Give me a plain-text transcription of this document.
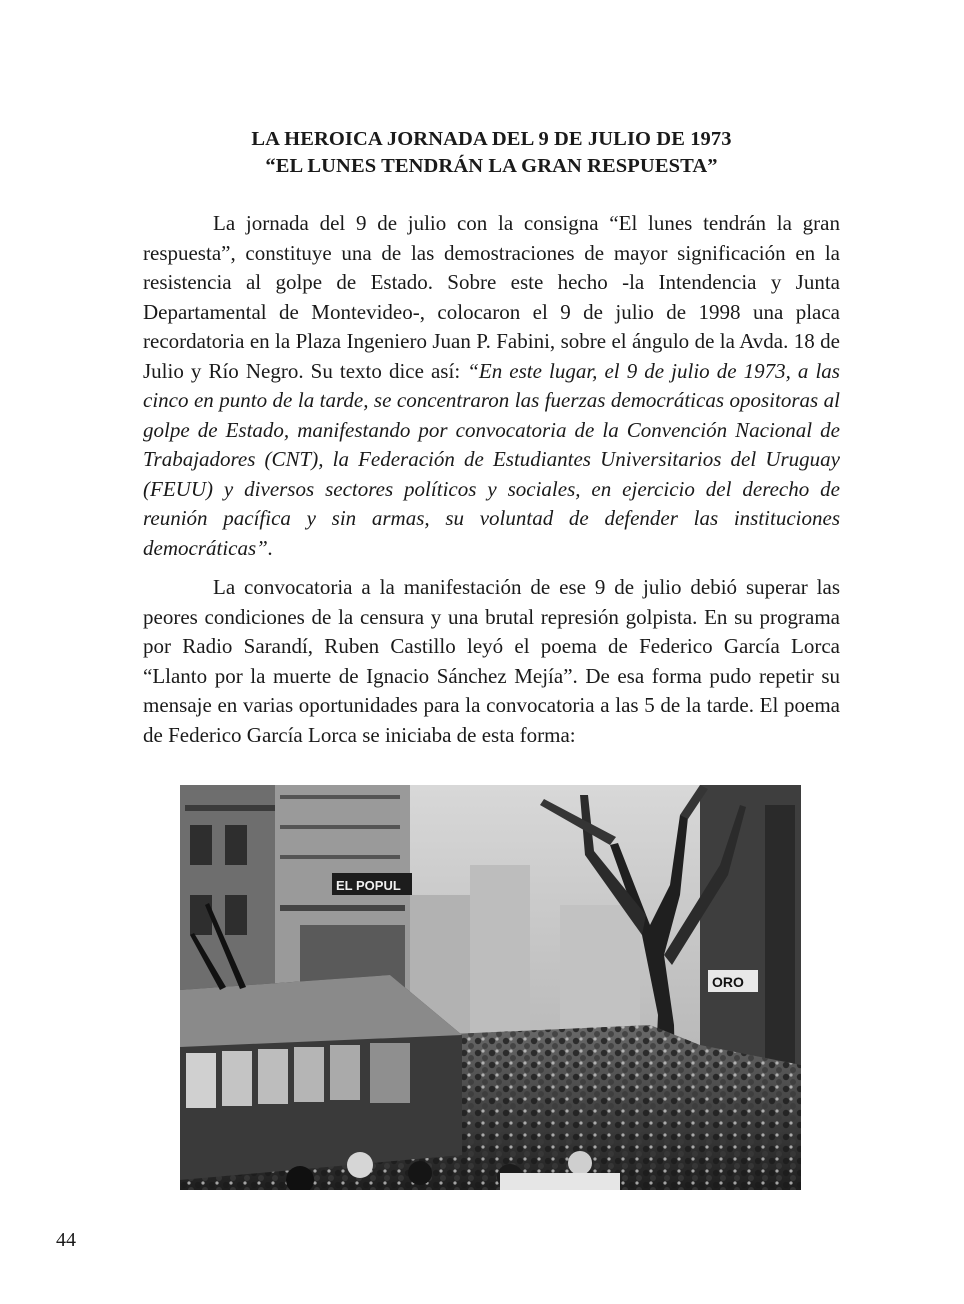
LA HEROICA JORNADA DEL 9 DE JULIO DE 1973
“EL LUNES TENDRÁN LA GRAN RESPUESTA”

La jornada del 9 de julio con la consigna “El lunes tendrán la gran respuesta”, constituye una de las demostraciones de mayor significación en la resistencia al golpe de Estado. Sobre este hecho -la Intendencia y Junta Departamental de Montevideo-, colocaron el 9 de julio de 1998 una placa recordatoria en la Plaza Ingeniero Juan P. Fabini, sobre el ángulo de la Avda. 18 de Julio y Río Negro. Su texto dice así: “En este lugar, el 9 de julio de 1973, a las cinco en punto de la tarde, se concentraron las fuerzas democráticas opositoras al golpe de Estado, manifestando por convocatoria de la Convención Nacional de Trabajadores (CNT), la Federación de Estudiantes Universitarios del Uruguay (FEUU) y diversos sectores políticos y sociales, en ejercicio del derecho de reunión pacífica y sin armas, su voluntad de defender las instituciones democráticas”.

La convocatoria a la manifestación de ese 9 de julio debió superar las peores condiciones de la censura y una brutal represión golpista. En su programa por Radio Sarandí, Ruben Castillo leyó el poema de Federico García Lorca “Llanto por la muerte de Ignacio Sánchez Mejía”. De esa forma pudo repetir su mensaje en varias oportunidades para la convocatoria a las 5 de la tarde. El poema de Federico García Lorca se iniciaba de esta forma:

EL POPUL
ORO
44
